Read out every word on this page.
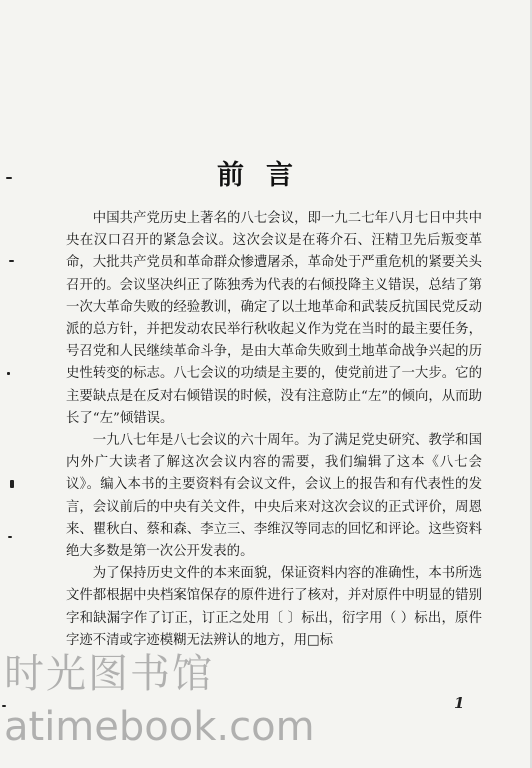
前言

中国共产党历史上著名的八七会议，即一九二七年八月七日中共中央在汉口召开的紧急会议。这次会议是在蒋介石、汪精卫先后叛变革命，大批共产党员和革命群众惨遭屠杀，革命处于严重危机的紧要关头召开的。会议坚决纠正了陈独秀为代表的右倾投降主义错误，总结了第一次大革命失败的经验教训，确定了以土地革命和武装反抗国民党反动派的总方针，并把发动农民举行秋收起义作为党在当时的最主要任务，号召党和人民继续革命斗争，是由大革命失败到土地革命战争兴起的历史性转变的标志。八七会议的功绩是主要的，使党前进了一大步。它的主要缺点是在反对右倾错误的时候，没有注意防止“左”的倾向，从而助长了“左”倾错误。

一九八七年是八七会议的六十周年。为了满足党史研究、教学和国内外广大读者了解这次会议内容的需要，我们编辑了这本《八七会议》。编入本书的主要资料有会议文件，会议上的报告和有代表性的发言，会议前后的中央有关文件，中央后来对这次会议的正式评价，周恩来、瞿秋白、蔡和森、李立三、李维汉等同志的回忆和评论。这些资料绝大多数是第一次公开发表的。

为了保持历史文件的本来面貌，保证资料内容的准确性，本书所选文件都根据中央档案馆保存的原件进行了核对，并对原件中明显的错别字和缺漏字作了订正，订正之处用〔 〕标出，衍字用（ ）标出，原件字迹不清或字迹模糊无法辨认的地方，用□标

1
时光图书馆
atimebook.com
